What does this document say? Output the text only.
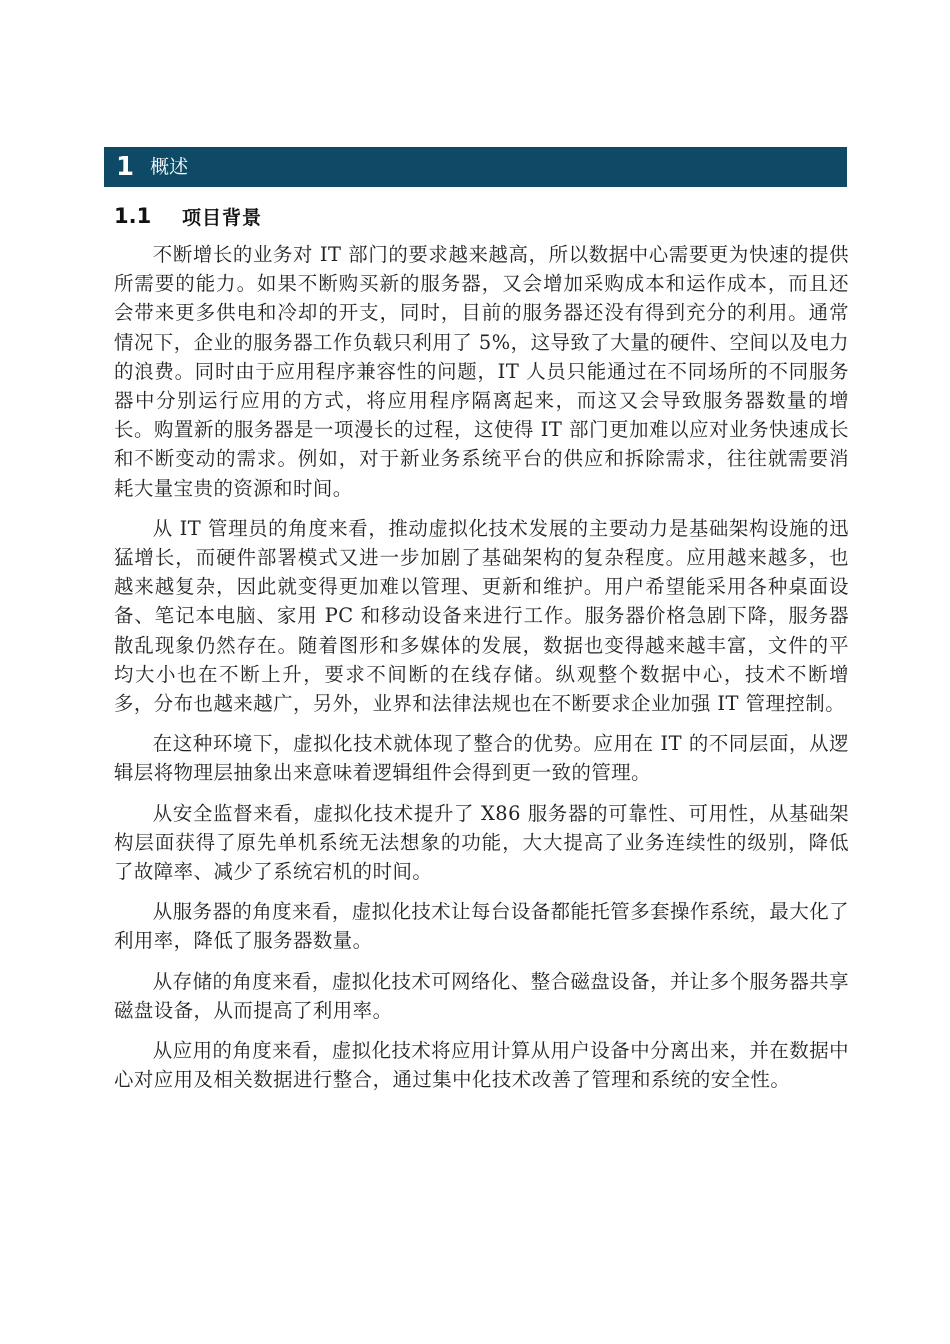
1 概述
1.1	项目背景

不断增长的业务对 IT 部门的要求越来越高，所以数据中心需要更为快速的提供所需要的能力。如果不断购买新的服务器，又会增加采购成本和运作成本，而且还会带来更多供电和冷却的开支，同时，目前的服务器还没有得到充分的利用。通常情况下，企业的服务器工作负载只利用了 5%，这导致了大量的硬件、空间以及电力的浪费。同时由于应用程序兼容性的问题，IT 人员只能通过在不同场所的不同服务器中分别运行应用的方式，将应用程序隔离起来，而这又会导致服务器数量的增长。购置新的服务器是一项漫长的过程，这使得 IT 部门更加难以应对业务快速成长和不断变动的需求。例如，对于新业务系统平台的供应和拆除需求，往往就需要消耗大量宝贵的资源和时间。

从 IT 管理员的角度来看，推动虚拟化技术发展的主要动力是基础架构设施的迅猛增长，而硬件部署模式又进一步加剧了基础架构的复杂程度。应用越来越多，也越来越复杂，因此就变得更加难以管理、更新和维护。用户希望能采用各种桌面设备、笔记本电脑、家用 PC 和移动设备来进行工作。服务器价格急剧下降，服务器散乱现象仍然存在。随着图形和多媒体的发展，数据也变得越来越丰富，文件的平均大小也在不断上升，要求不间断的在线存储。纵观整个数据中心，技术不断增多，分布也越来越广，另外，业界和法律法规也在不断要求企业加强 IT 管理控制。

在这种环境下，虚拟化技术就体现了整合的优势。应用在 IT 的不同层面，从逻辑层将物理层抽象出来意味着逻辑组件会得到更一致的管理。

从安全监督来看，虚拟化技术提升了 X86 服务器的可靠性、可用性，从基础架构层面获得了原先单机系统无法想象的功能，大大提高了业务连续性的级别，降低了故障率、减少了系统宕机的时间。

从服务器的角度来看，虚拟化技术让每台设备都能托管多套操作系统，最大化了利用率，降低了服务器数量。

从存储的角度来看，虚拟化技术可网络化、整合磁盘设备，并让多个服务器共享磁盘设备，从而提高了利用率。

从应用的角度来看，虚拟化技术将应用计算从用户设备中分离出来，并在数据中心对应用及相关数据进行整合，通过集中化技术改善了管理和系统的安全性。
